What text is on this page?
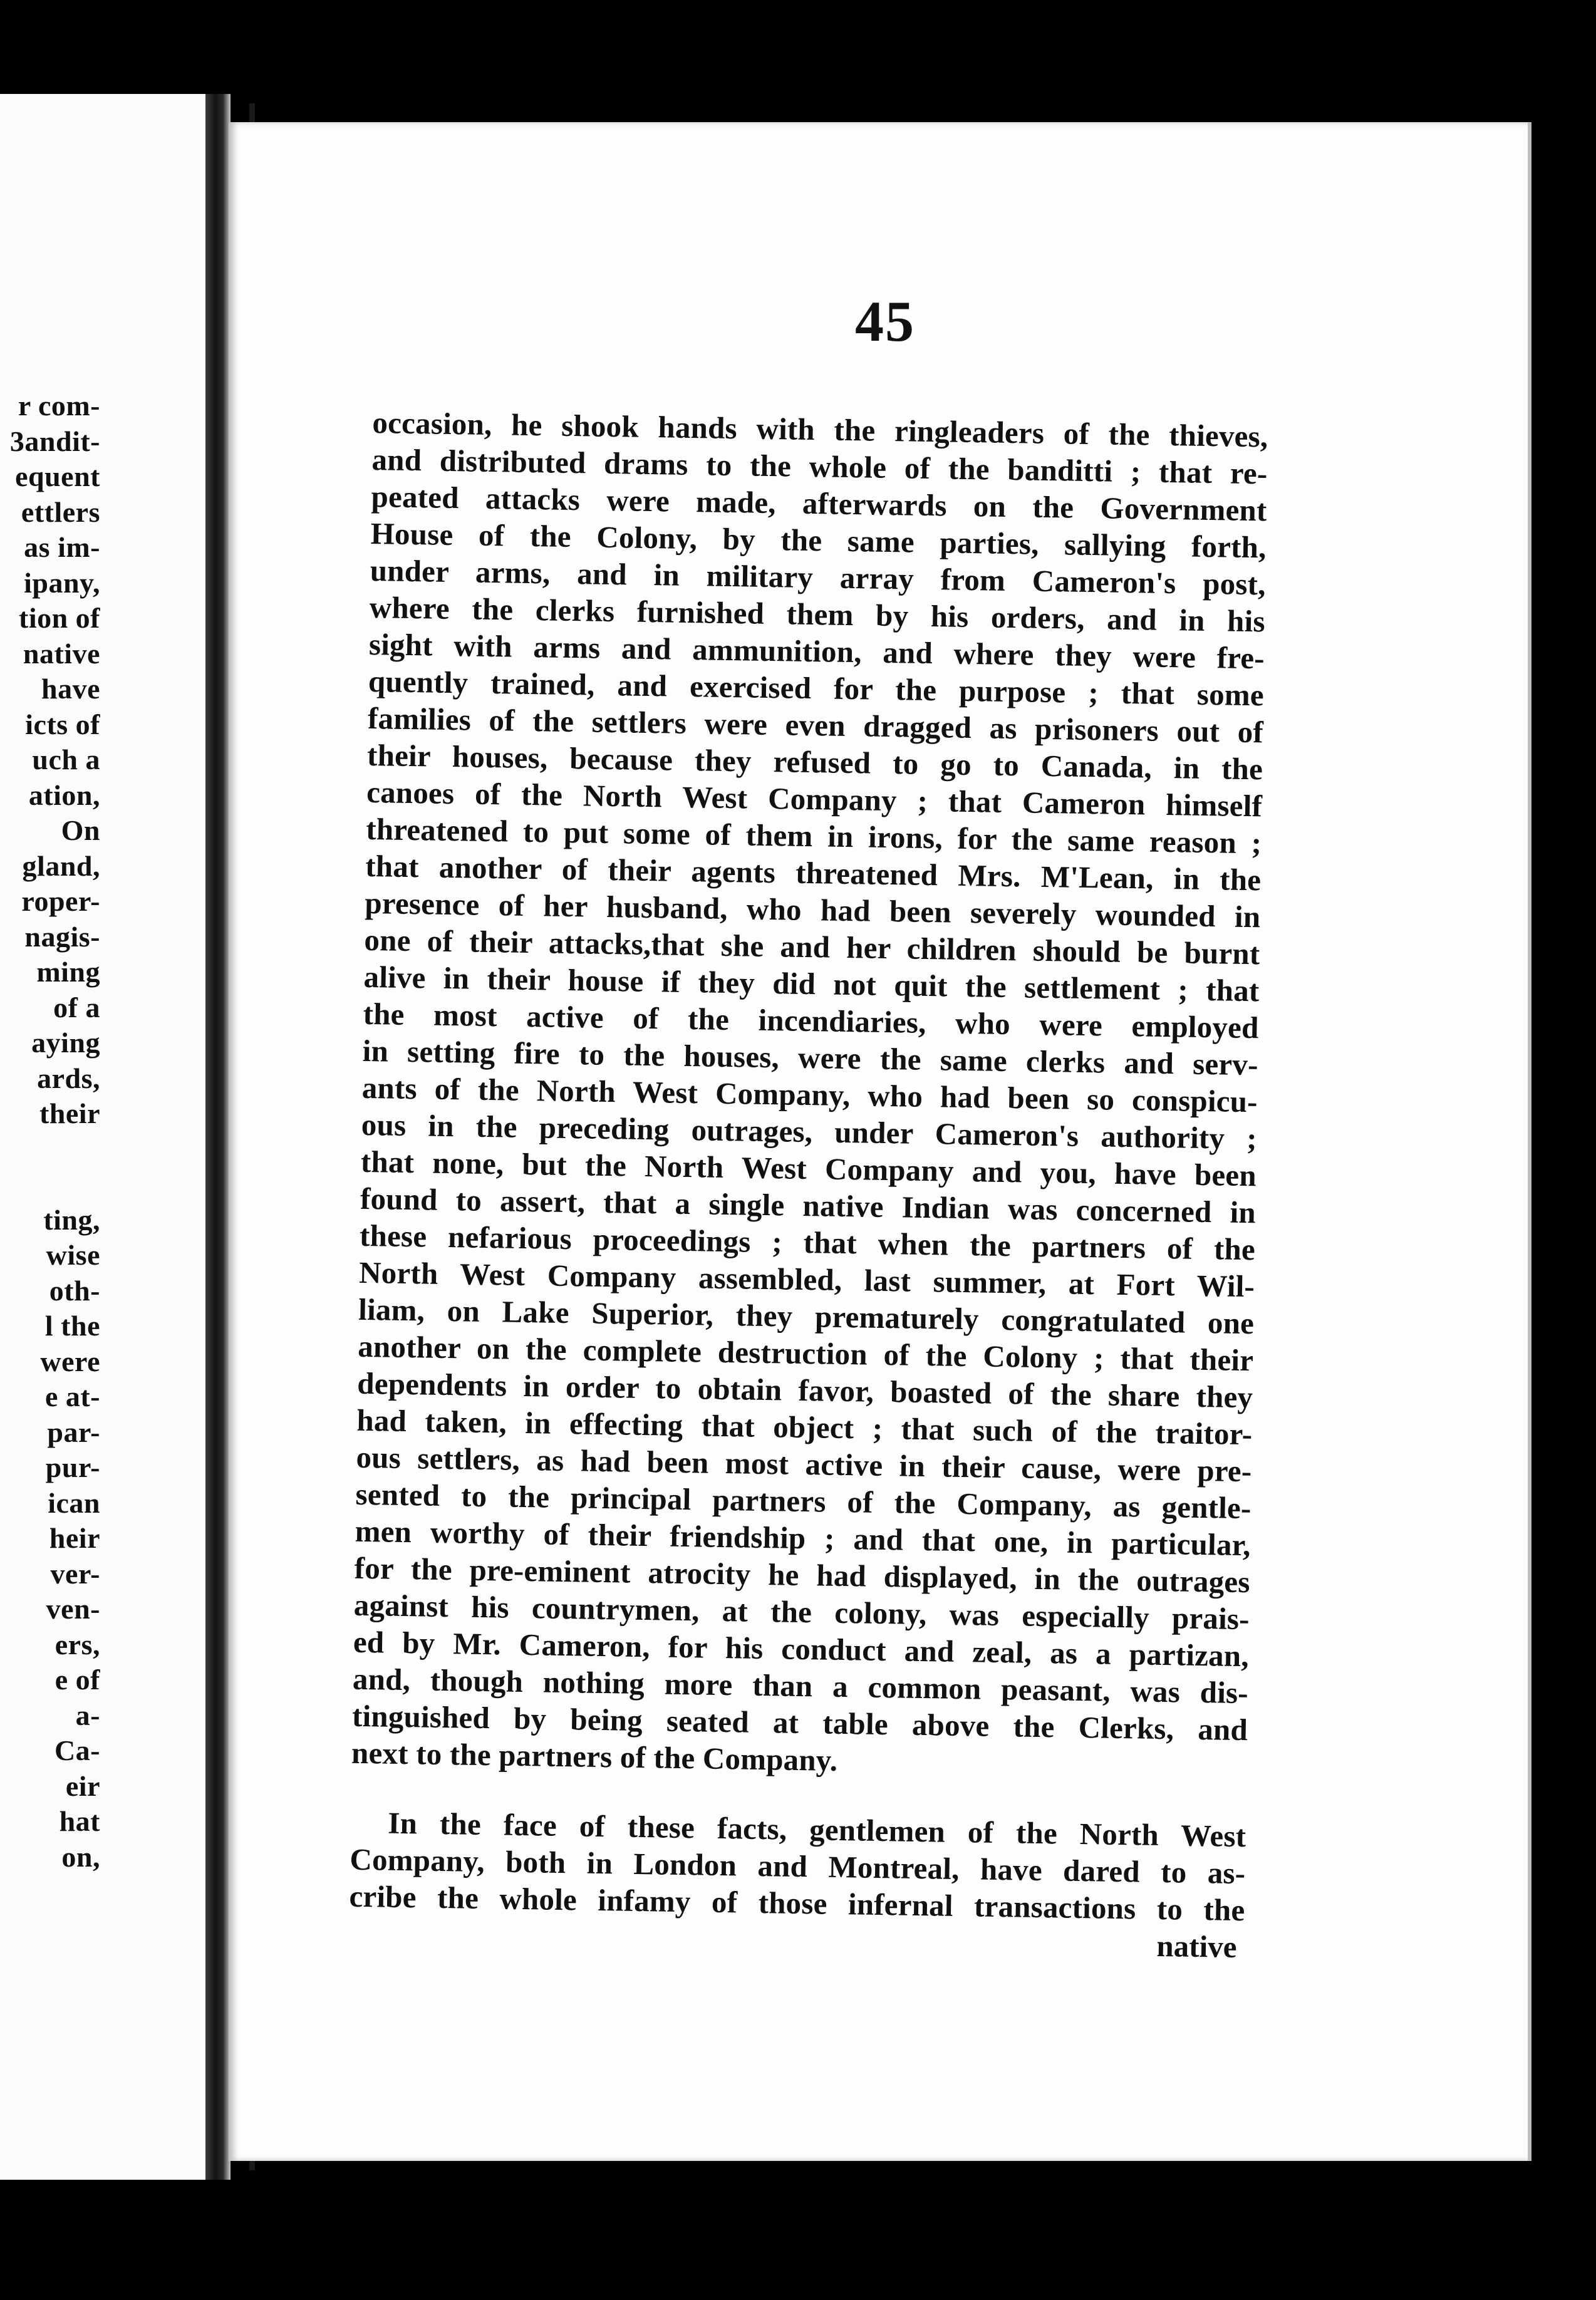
r com-
3andit-
equent
ettlers
as im-
ipany,
tion of
native
have
icts of
uch a
ation,
On
gland,
roper-
nagis-
ming
of a
aying
ards,
their
ting,
wise
oth-
l the
were
e at-
par-
pur-
ican
heir
ver-
ven-
ers,
e of
a-
Ca-
eir
hat
on,
45
occasion, he shook hands with the ringleaders of the thieves,
and distributed drams to the whole of the banditti ; that re-
peated attacks were made, afterwards on the Government
House of the Colony, by the same parties, sallying forth,
under arms, and in military array from Cameron's post,
where the clerks furnished them by his orders, and in his
sight with arms and ammunition, and where they were fre-
quently trained, and exercised for the purpose ; that some
families of the settlers were even dragged as prisoners out of
their houses, because they refused to go to Canada, in the
canoes of the North West Company ; that Cameron himself
threatened to put some of them in irons, for the same reason ;
that another of their agents threatened Mrs. M'Lean, in the
presence of her husband, who had been severely wounded in
one of their attacks,that she and her children should be burnt
alive in their house if they did not quit the settlement ; that
the most active of the incendiaries, who were employed
in setting fire to the houses, were the same clerks and serv-
ants of the North West Company, who had been so conspicu-
ous in the preceding outrages, under Cameron's authority ;
that none, but the North West Company and you, have been
found to assert, that a single native Indian was concerned in
these nefarious proceedings ; that when the partners of the
North West Company assembled, last summer, at Fort Wil-
liam, on Lake Superior, they prematurely congratulated one
another on the complete destruction of the Colony ; that their
dependents in order to obtain favor, boasted of the share they
had taken, in effecting that object ; that such of the traitor-
ous settlers, as had been most active in their cause, were pre-
sented to the principal partners of the Company, as gentle-
men worthy of their friendship ; and that one, in particular,
for the pre-eminent atrocity he had displayed, in the outrages
against his countrymen, at the colony, was especially prais-
ed by Mr. Cameron, for his conduct and zeal, as a partizan,
and, though nothing more than a common peasant, was dis-
tinguished by being seated at table above the Clerks, and
next to the partners of the Company.
In the face of these facts, gentlemen of the North West
Company, both in London and Montreal, have dared to as-
cribe the whole infamy of those infernal transactions to the
native
